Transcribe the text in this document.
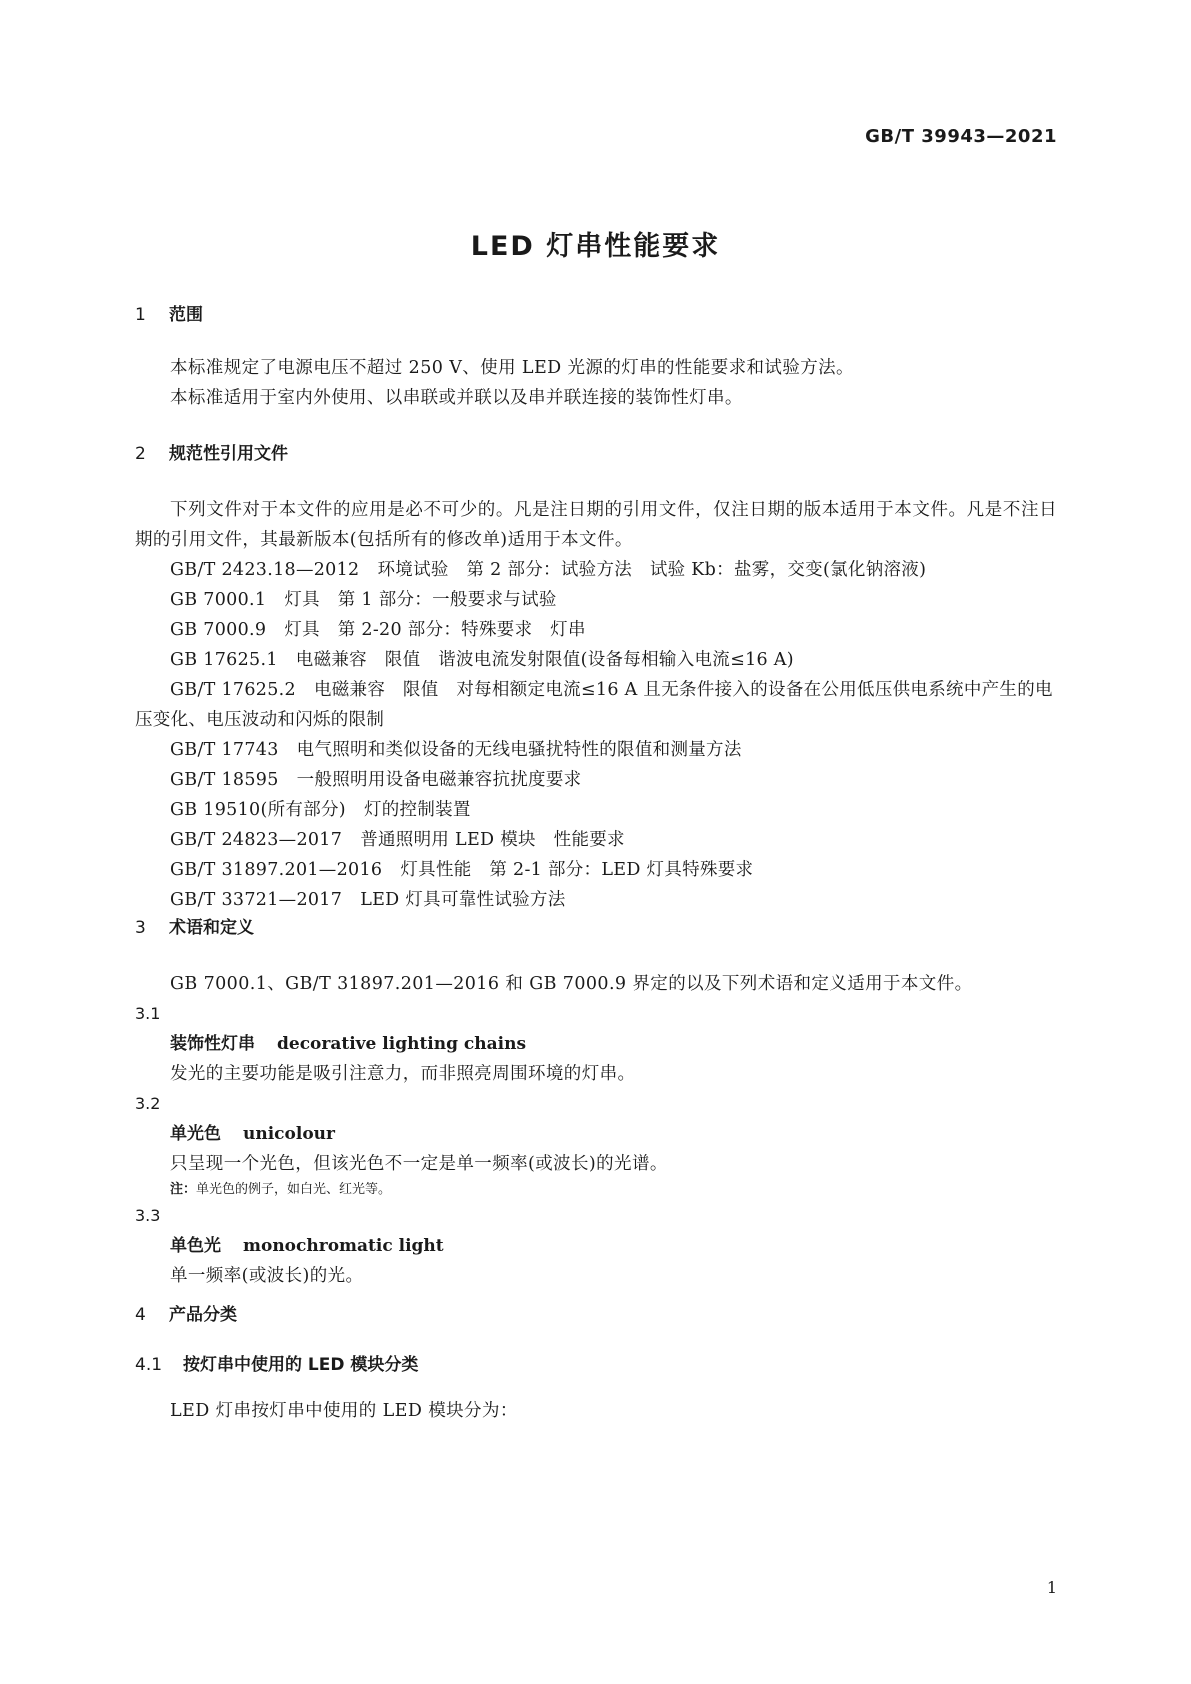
GB/T 39943—2021
LED 灯串性能要求
1 范围
本标准规定了电源电压不超过 250 V、使用 LED 光源的灯串的性能要求和试验方法。
本标准适用于室内外使用、以串联或并联以及串并联连接的装饰性灯串。
2 规范性引用文件
下列文件对于本文件的应用是必不可少的。凡是注日期的引用文件，仅注日期的版本适用于本文件。凡是不注日期的引用文件，其最新版本(包括所有的修改单)适用于本文件。
GB/T 2423.18—2012 环境试验　第 2 部分：试验方法　试验 Kb：盐雾，交变(氯化钠溶液)
GB 7000.1 灯具　第 1 部分：一般要求与试验
GB 7000.9 灯具　第 2-20 部分：特殊要求　灯串
GB 17625.1 电磁兼容　限值　谐波电流发射限值(设备每相输入电流≤16 A)
GB/T 17625.2 电磁兼容　限值　对每相额定电流≤16 A 且无条件接入的设备在公用低压供电系统中产生的电压变化、电压波动和闪烁的限制
GB/T 17743 电气照明和类似设备的无线电骚扰特性的限值和测量方法
GB/T 18595 一般照明用设备电磁兼容抗扰度要求
GB 19510(所有部分) 灯的控制装置
GB/T 24823—2017 普通照明用 LED 模块　性能要求
GB/T 31897.201—2016 灯具性能　第 2-1 部分：LED 灯具特殊要求
GB/T 33721—2017 LED 灯具可靠性试验方法
3 术语和定义
GB 7000.1、GB/T 31897.201—2016 和 GB 7000.9 界定的以及下列术语和定义适用于本文件。
3.1
装饰性灯串 decorative lighting chains
发光的主要功能是吸引注意力，而非照亮周围环境的灯串。
3.2
单光色 unicolour
只呈现一个光色，但该光色不一定是单一频率(或波长)的光谱。
注：单光色的例子，如白光、红光等。
3.3
单色光 monochromatic light
单一频率(或波长)的光。
4 产品分类
4.1 按灯串中使用的 LED 模块分类
LED 灯串按灯串中使用的 LED 模块分为：
1
